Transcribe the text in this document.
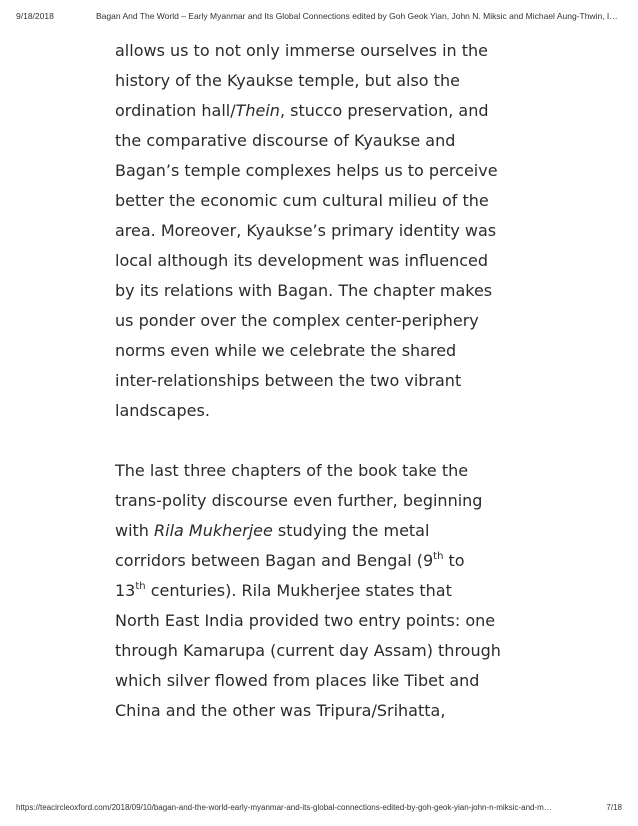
9/18/2018	Bagan And The World – Early Myanmar and Its Global Connections edited by Goh Geok Yian, John N. Miksic and Michael Aung-Thwin, I…
allows us to not only immerse ourselves in the
history of the Kyaukse temple, but also the
ordination hall/Thein, stucco preservation, and
the comparative discourse of Kyaukse and
Bagan’s temple complexes helps us to perceive
better the economic cum cultural milieu of the
area. Moreover, Kyaukse’s primary identity was
local although its development was influenced
by its relations with Bagan. The chapter makes
us ponder over the complex center-periphery
norms even while we celebrate the shared
inter-relationships between the two vibrant
landscapes.
The last three chapters of the book take the
trans-polity discourse even further, beginning
with Rila Mukherjee studying the metal
corridors between Bagan and Bengal (9th to
13th centuries). Rila Mukherjee states that
North East India provided two entry points: one
through Kamarupa (current day Assam) through
which silver flowed from places like Tibet and
China and the other was Tripura/Srihatta,
https://teacircleoxford.com/2018/09/10/bagan-and-the-world-early-myanmar-and-its-global-connections-edited-by-goh-geok-yian-john-n-miksic-and-m…	7/18
